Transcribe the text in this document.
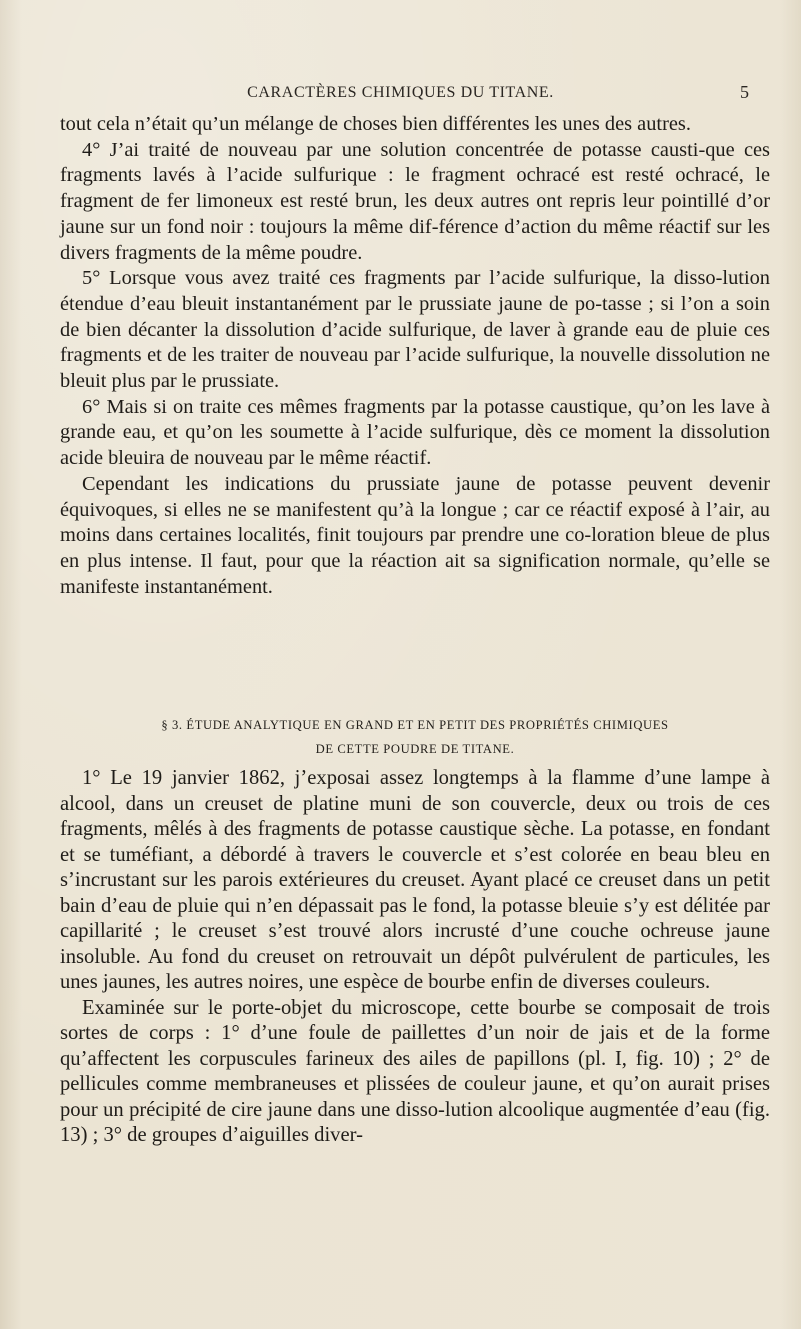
CARACTÈRES CHIMIQUES DU TITANE.	5

tout cela n’était qu’un mélange de choses bien différentes les unes des autres.

4° J’ai traité de nouveau par une solution concentrée de potasse causti-que ces fragments lavés à l’acide sulfurique : le fragment ochracé est resté ochracé, le fragment de fer limoneux est resté brun, les deux autres ont repris leur pointillé d’or jaune sur un fond noir : toujours la même dif-férence d’action du même réactif sur les divers fragments de la même poudre.

5° Lorsque vous avez traité ces fragments par l’acide sulfurique, la disso-lution étendue d’eau bleuit instantanément par le prussiate jaune de po-tasse ; si l’on a soin de bien décanter la dissolution d’acide sulfurique, de laver à grande eau de pluie ces fragments et de les traiter de nouveau par l’acide sulfurique, la nouvelle dissolution ne bleuit plus par le prussiate.

6° Mais si on traite ces mêmes fragments par la potasse caustique, qu’on les lave à grande eau, et qu’on les soumette à l’acide sulfurique, dès ce moment la dissolution acide bleuira de nouveau par le même réactif.

Cependant les indications du prussiate jaune de potasse peuvent devenir équivoques, si elles ne se manifestent qu’à la longue ; car ce réactif exposé à l’air, au moins dans certaines localités, finit toujours par prendre une co-loration bleue de plus en plus intense. Il faut, pour que la réaction ait sa signification normale, qu’elle se manifeste instantanément.

§ 3. ÉTUDE ANALYTIQUE EN GRAND ET EN PETIT DES PROPRIÉTÉS CHIMIQUES
DE CETTE POUDRE DE TITANE.

1° Le 19 janvier 1862, j’exposai assez longtemps à la flamme d’une lampe à alcool, dans un creuset de platine muni de son couvercle, deux ou trois de ces fragments, mêlés à des fragments de potasse caustique sèche. La potasse, en fondant et se tuméfiant, a débordé à travers le couvercle et s’est colorée en beau bleu en s’incrustant sur les parois extérieures du creuset. Ayant placé ce creuset dans un petit bain d’eau de pluie qui n’en dépassait pas le fond, la potasse bleuie s’y est délitée par capillarité ; le creuset s’est trouvé alors incrusté d’une couche ochreuse jaune insoluble. Au fond du creuset on retrouvait un dépôt pulvérulent de particules, les unes jaunes, les autres noires, une espèce de bourbe enfin de diverses couleurs.

Examinée sur le porte-objet du microscope, cette bourbe se composait de trois sortes de corps : 1° d’une foule de paillettes d’un noir de jais et de la forme qu’affectent les corpuscules farineux des ailes de papillons (pl. I, fig. 10) ; 2° de pellicules comme membraneuses et plissées de couleur jaune, et qu’on aurait prises pour un précipité de cire jaune dans une disso-lution alcoolique augmentée d’eau (fig. 13) ; 3° de groupes d’aiguilles diver-
